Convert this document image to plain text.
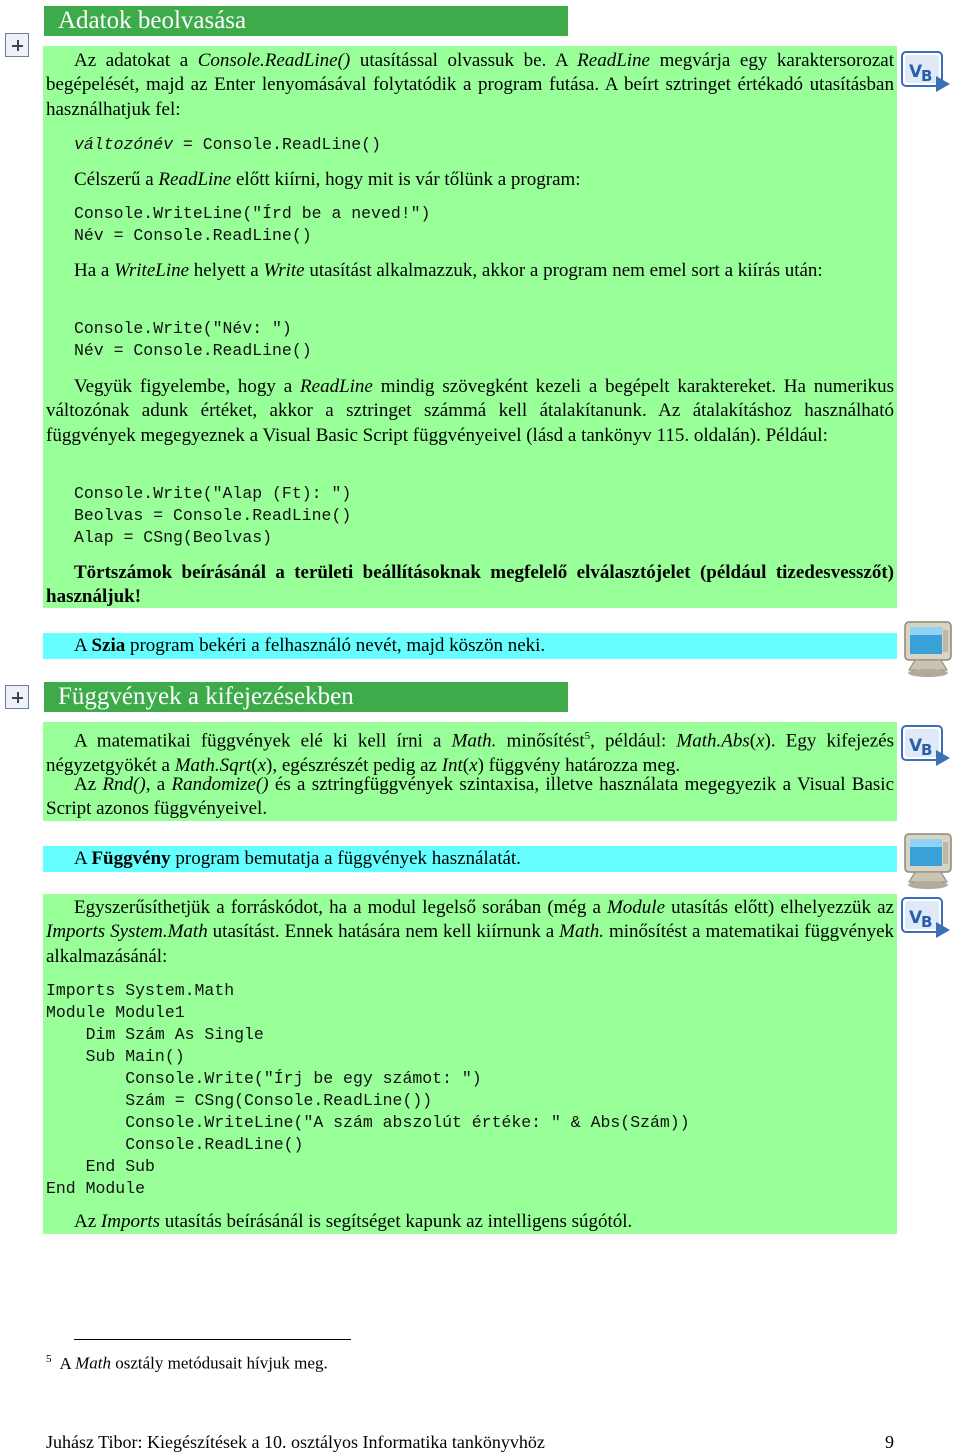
Adatok beolvasása

Az adatokat a Console.ReadLine() utasítással olvassuk be. A ReadLine megvárja egy karaktersorozat begépelését, majd az Enter lenyomásával folytatódik a program futása. A beírt sztringet értékadó utasításban használhatjuk fel:

változónév = Console.ReadLine()

Célszerű a ReadLine előtt kiírni, hogy mit is vár tőlünk a program:

Console.WriteLine("Írd be a neved!")
Név = Console.ReadLine()

Ha a WriteLine helyett a Write utasítást alkalmazzuk, akkor a program nem emel sort a kiírás után:

Console.Write("Név: ")
Név = Console.ReadLine()

Vegyük figyelembe, hogy a ReadLine mindig szövegként kezeli a begépelt karaktereket. Ha numerikus változónak adunk értéket, akkor a sztringet számmá kell átalakítanunk. Az átalakításhoz használható függvények megegyeznek a Visual Basic Script függvényeivel (lásd a tankönyv 115. oldalán). Például:

Console.Write("Alap (Ft): ")
Beolvas = Console.ReadLine()
Alap = CSng(Beolvas)

Törtszámok beírásánál a területi beállításoknak megfelelő elválasztójelet (például tizedesvesszőt) használjuk!

A Szia program bekéri a felhasználó nevét, majd köszön neki.

V
B
Függvények a kifejezésekben

A matematikai függvények elé ki kell írni a Math. minősítést$^5$, például: Math.Abs(x). Egy kifejezés négyzetgyökét a Math.Sqrt(x), egészrészét pedig az Int(x) függvény határozza meg.

Az Rnd(), a Randomize() és a sztringfüggvények szintaxisa, illetve használata megegyezik a Visual Basic Script azonos függvényeivel.

A Függvény program bemutatja a függvények használatát.

Egyszerűsíthetjük a forráskódot, ha a modul legelső sorában (még a Module utasítás előtt) elhelyezzük az Imports System.Math utasítást. Ennek hatására nem kell kiírnunk a Math. minősítést a matematikai függvények alkalmazásánál:

Imports System.Math
Module Module1
Dim Szám As Single
Sub Main()
Console.Write("Írj be egy számot: ")
Szám = CSng(Console.ReadLine())
Console.WriteLine("A szám abszolút értéke: " & Abs(Szám))
Console.ReadLine()
End Sub
End Module

Az Imports utasítás beírásánál is segítséget kapunk az intelligens súgótól.

V
B
V
B
$^5$ A Math osztály metódusait hívjuk meg.
Juhász Tibor: Kiegészítések a 10. osztályos Informatika tankönyvhöz	9
